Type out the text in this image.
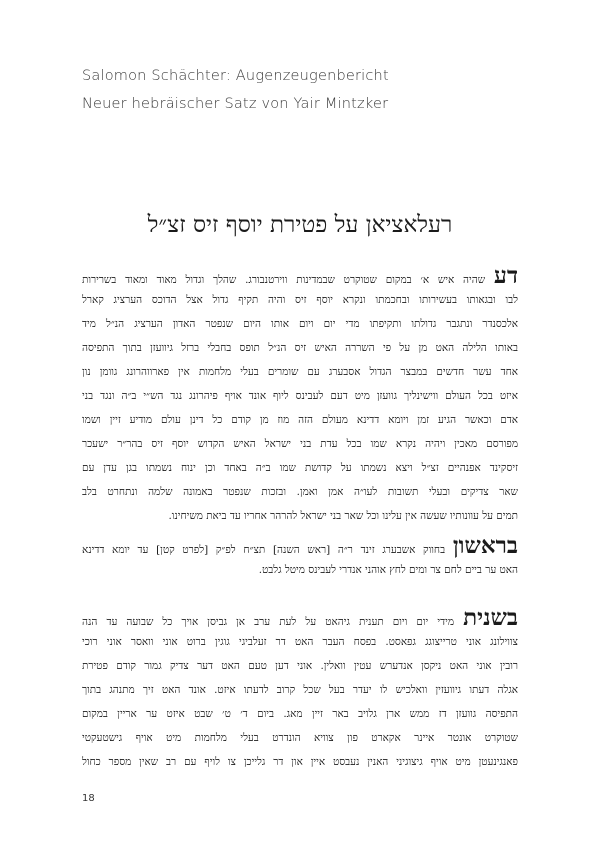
Salomon Schächter: Augenzeugenbericht
Neuer hebräischer Satz von Yair Mintzker
רעלאציאן על פטירת יוסף זיס זצ״ל
דע שהיה איש א׳ במקום שטוקרט שבמדינות ווירטנבורג. שהלך וגדול מאוד ומאוד בשרירות
לבו ובגאותו בעשירותו ובחכמתו ונקרא יוסף זיס והיה תקיף גדול אצל הדוכס הערציג קארל
אלכסנדר ונתגבר גדולתו ותקיפתו מדי יום ויום אותו היום שנפטר האדון הערציג הנ״ל מיד
באותו הלילה האט מן על פי השררה האיש זיס הנ״ל תופס בחבלי ברזל גיוועזן בתוך התפיסה
אחד עשר חדשים במבצר הגדול אסבערג עם שומרים בעלי מלחמות אין פארווהרונג גוומן נון
איזט בכל העולם ווישינליך גוועזן מיט דעם לעבינס ליוף אונד אויף פיהרונג נגד הש״י ב״ה ונגד בני
אדם וכאשר הגיע זמן ויומא דדינא מעולם הזה מוז מן קודם כל דינן עולם מודיע זיין ושמו
מפורסם מאכין ויהיה נקרא שמו בכל עדת בני ישראל האיש הקדוש יוסף זיס בהר״ר ישעכר
זיסקינד אפנהיים זצ״ל ויצא נשמתו על קדושת שמו ב״ה באחד וכן ינוח נשמתו בגן עדן עם
שאר צדיקים ובעלי תשובות לעו״ה אמן ואמן. ובזכות שנפטר באמונה שלמה ונתחרט בלב
תמים על עוונותיו שעשה אין עלינו וכל שאר בני ישראל להרהר אחריו עד ביאת משיחינו.
בראשון בחווק אשבערג זינד ר״ה [ראש השנה] תצ״ח לפ״ק [לפרט קטן] עד יומא דדינא
האט ער ביים לחם צר ומים לחץ אוהני אנדרי לעבינס מיטל גלבט.
בשנית מידי יום ויום תענית גיהאט על לעת ערב אן גביסן אויך כל שבועה עד הנה
צווילונג אוני טרייצוגג גפאסט. בפסח העבר האט דר זעלביגי גוגין ברוט אוני וואסר אוני רוכי
רובין אוני האט ניקסן אנדערש עטין וואלין. אוני דען טעם האט דער צדיק גמור קודם פטירת
אגלה דעתו גיוועזין וואלכיש לו יעדר בעל שכל קרוב לדעתו איזט. אונד האט זיך מתנהג בתוך
התפיסה גוועזן דז ממש ארן גלויב באר זיין מאג. ביום ד׳ ט׳ שבט איזט ער אריין במקום
שטוקרט אונטר איינר אקארט פון צוויא הונדרט בעלי מלחמות מיט אויף גישטעקטי
פאנגינעטן מיט אויף גיצוגיני האנין נעבסט איין און דר גלייכן צו לויף עם רב שאין מספר כחול
18
